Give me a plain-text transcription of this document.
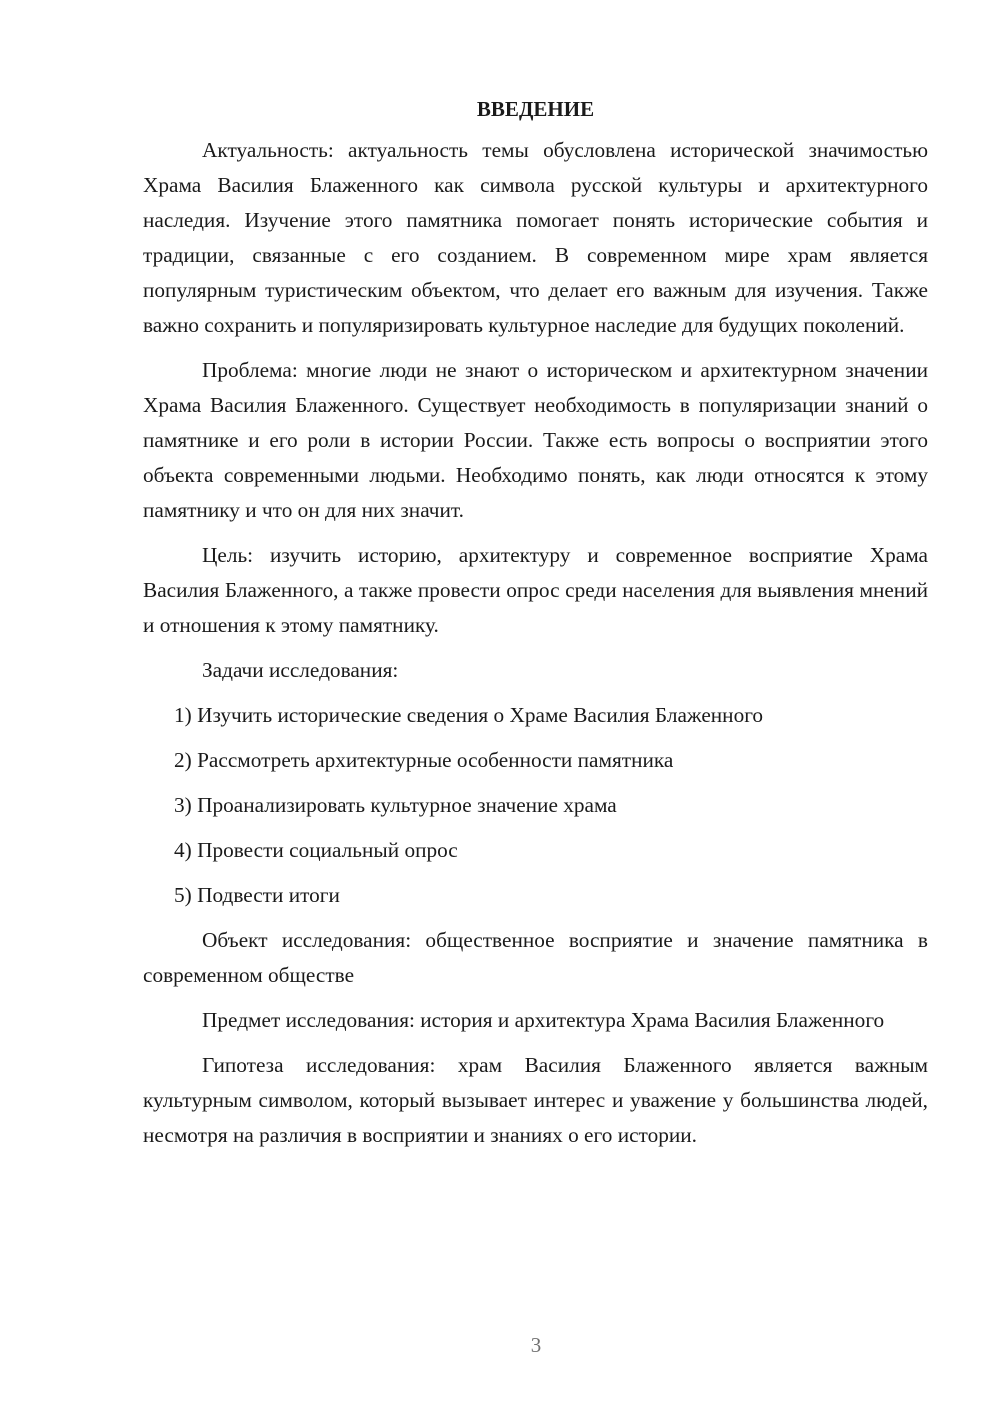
ВВЕДЕНИЕ

Актуальность: актуальность темы обусловлена исторической значимостью Храма Василия Блаженного как символа русской культуры и архитектурного наследия. Изучение этого памятника помогает понять исторические события и традиции, связанные с его созданием. В современном мире храм является популярным туристическим объектом, что делает его важным для изучения. Также важно сохранить и популяризировать культурное наследие для будущих поколений.

Проблема: многие люди не знают о историческом и архитектурном значении Храма Василия Блаженного. Существует необходимость в популяризации знаний о памятнике и его роли в истории России. Также есть вопросы о восприятии этого объекта современными людьми. Необходимо понять, как люди относятся к этому памятнику и что он для них значит.

Цель: изучить историю, архитектуру и современное восприятие Храма Василия Блаженного, а также провести опрос среди населения для выявления мнений и отношения к этому памятнику.

Задачи исследования:
1) Изучить исторические сведения о Храме Василия Блаженного
2) Рассмотреть архитектурные особенности памятника
3) Проанализировать культурное значение храма
4) Провести социальный опрос
5) Подвести итоги

Объект исследования: общественное восприятие и значение памятника в современном обществе

Предмет исследования: история и архитектура Храма Василия Блаженного

Гипотеза исследования: храм Василия Блаженного является важным культурным символом, который вызывает интерес и уважение у большинства людей, несмотря на различия в восприятии и знаниях о его истории.

3
